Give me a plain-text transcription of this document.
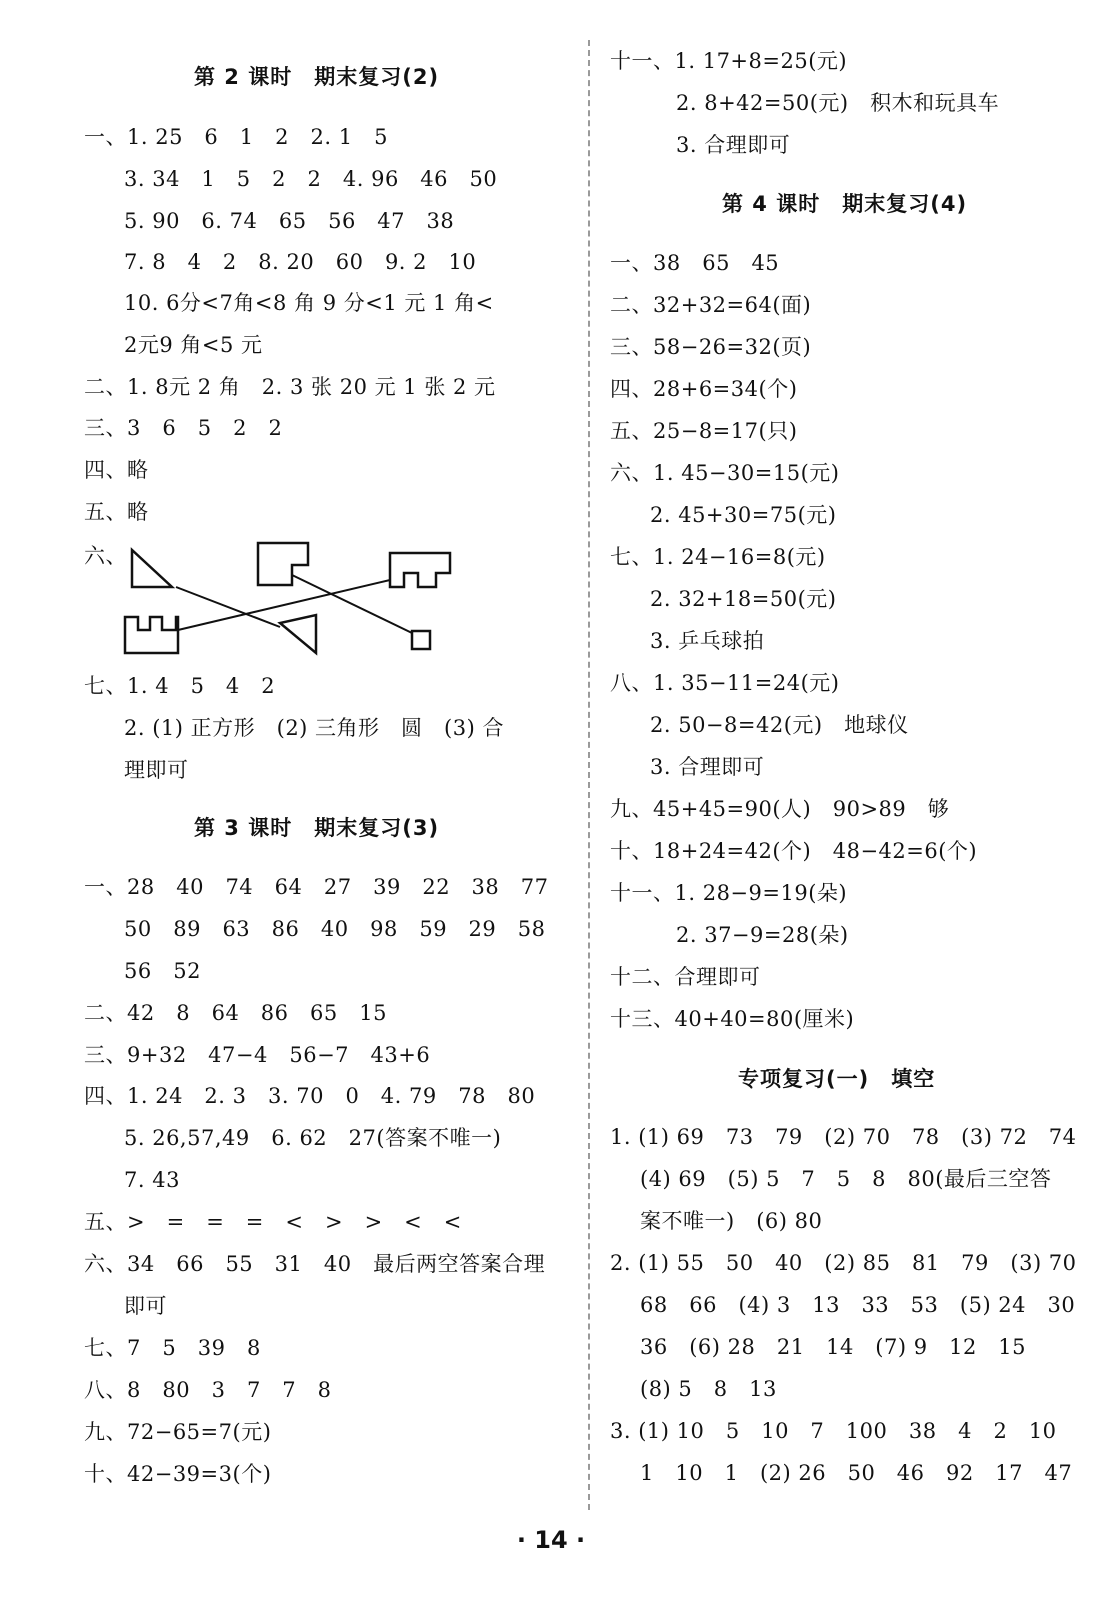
第 2 课时　期末复习(2)
一、1. 25　6　1　2　2. 1　5
3. 34　1　5　2　2　4. 96　46　50
5. 90　6. 74　65　56　47　38
7. 8　4　2　8. 20　60　9. 2　10
10. 6分<7角<8 角 9 分<1 元 1 角<
2元9 角<5 元
二、1. 8元 2 角　2. 3 张 20 元 1 张 2 元
三、3　6　5　2　2
四、略
五、略
六、
七、1. 4　5　4　2
2. (1) 正方形　(2) 三角形　圆　(3) 合
理即可
第 3 课时　期末复习(3)
一、28　40　74　64　27　39　22　38　77
50　89　63　86　40　98　59　29　58
56　52
二、42　8　64　86　65　15
三、9+32　47−4　56−7　43+6
四、1. 24　2. 3　3. 70　0　4. 79　78　80
5. 26,57,49　6. 62　27(答案不唯一)
7. 43
五、>　=　=　=　<　>　>　<　<
六、34　66　55　31　40　最后两空答案合理
即可
七、7　5　39　8
八、8　80　3　7　7　8
九、72−65=7(元)
十、42−39=3(个)
十一、1. 17+8=25(元)
2. 8+42=50(元)　积木和玩具车
3. 合理即可
第 4 课时　期末复习(4)
一、38　65　45
二、32+32=64(面)
三、58−26=32(页)
四、28+6=34(个)
五、25−8=17(只)
六、1. 45−30=15(元)
2. 45+30=75(元)
七、1. 24−16=8(元)
2. 32+18=50(元)
3. 乒乓球拍
八、1. 35−11=24(元)
2. 50−8=42(元)　地球仪
3. 合理即可
九、45+45=90(人)　90>89　够
十、18+24=42(个)　48−42=6(个)
十一、1. 28−9=19(朵)
2. 37−9=28(朵)
十二、合理即可
十三、40+40=80(厘米)
专项复习(一)　填空
1. (1) 69　73　79　(2) 70　78　(3) 72　74
(4) 69　(5) 5　7　5　8　80(最后三空答
案不唯一)　(6) 80
2. (1) 55　50　40　(2) 85　81　79　(3) 70
68　66　(4) 3　13　33　53　(5) 24　30
36　(6) 28　21　14　(7) 9　12　15
(8) 5　8　13
3. (1) 10　5　10　7　100　38　4　2　10
1　10　1　(2) 26　50　46　92　17　47
· 14 ·
